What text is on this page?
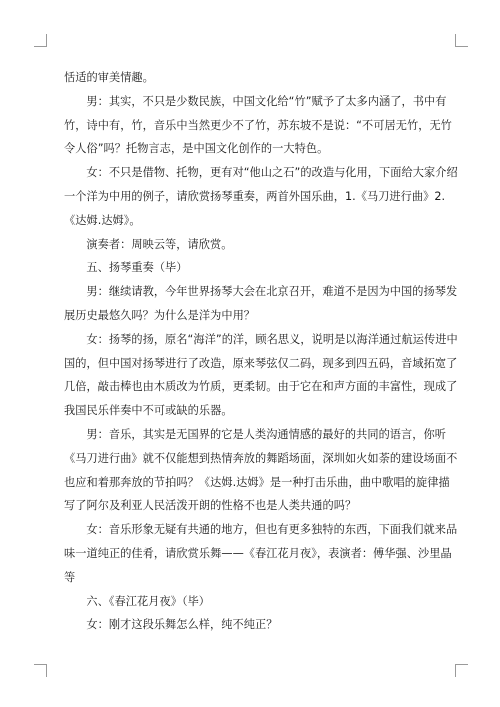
恬适的审美情趣。

男：其实，不只是少数民族，中国文化给“竹”赋予了太多内涵了，书中有竹，诗中有，竹，音乐中当然更少不了竹，苏东坡不是说：“不可居无竹，无竹令人俗”吗？托物言志，是中国文化创作的一大特色。

女：不只是借物、托物，更有对“他山之石”的改造与化用，下面给大家介绍一个洋为中用的例子，请欣赏扬琴重奏，两首外国乐曲，1.《马刀进行曲》2.《达姆.达姆》。

演奏者：周映云等，请欣赏。

五、扬琴重奏（毕）

男：继续请教，今年世界扬琴大会在北京召开，难道不是因为中国的扬琴发展历史最悠久吗？为什么是洋为中用？

女：扬琴的扬，原名“海洋”的洋，顾名思义，说明是以海洋通过航运传进中国的，但中国对扬琴进行了改造，原来琴弦仅二码，现多到四五码，音域拓宽了几倍，敲击棒也由木质改为竹质，更柔韧。由于它在和声方面的丰富性，现成了我国民乐伴奏中不可或缺的乐器。

男：音乐，其实是无国界的它是人类沟通情感的最好的共同的语言，你听《马刀进行曲》就不仅能想到热情奔放的舞蹈场面，深圳如火如荼的建设场面不也应和着那奔放的节拍吗？《达姆.达姆》是一种打击乐曲，曲中歌唱的旋律描写了阿尔及利亚人民活泼开朗的性格不也是人类共通的吗？

女：音乐形象无疑有共通的地方，但也有更多独特的东西，下面我们就来品味一道纯正的佳肴，请欣赏乐舞——《春江花月夜》，表演者：傅华强、沙里晶等

六、《春江花月夜》（毕）

女：刚才这段乐舞怎么样，纯不纯正？
